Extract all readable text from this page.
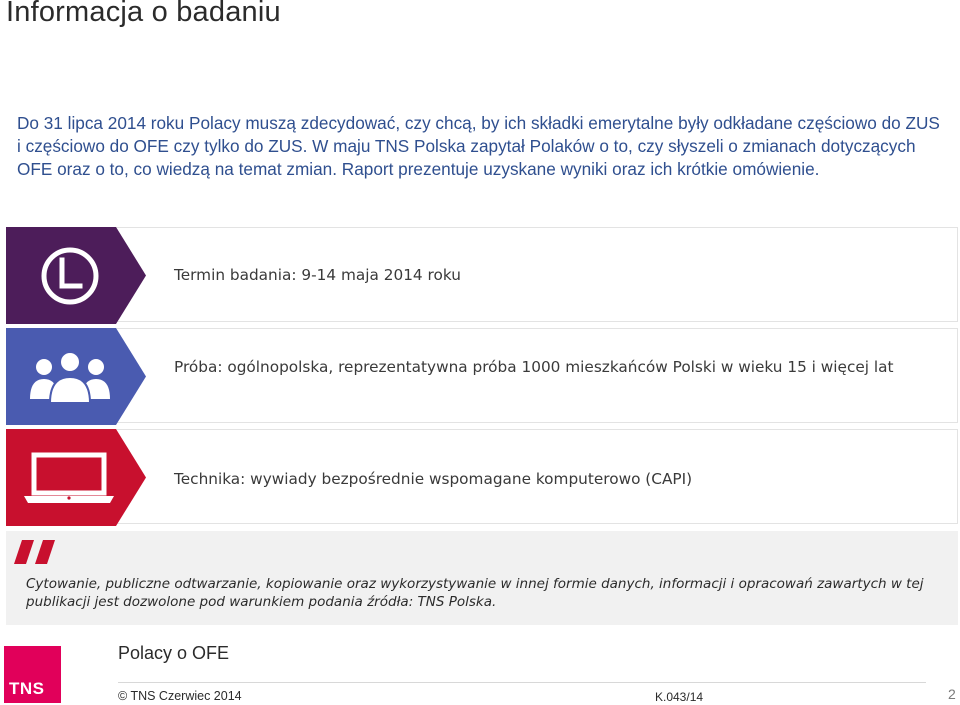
Informacja o badaniu
Do 31 lipca 2014 roku Polacy muszą zdecydować, czy chcą, by ich składki emerytalne były odkładane częściowo do ZUS i częściowo do OFE czy tylko do ZUS. W maju TNS Polska zapytał Polaków o to, czy słyszeli o zmianach dotyczących OFE oraz o to, co wiedzą na temat zmian. Raport prezentuje uzyskane wyniki oraz ich krótkie omówienie.
Termin badania: 9-14 maja 2014 roku
Próba: ogólnopolska, reprezentatywna próba 1000 mieszkańców Polski w wieku 15 i więcej lat
Technika: wywiady bezpośrednie wspomagane komputerowo (CAPI)
Cytowanie, publiczne odtwarzanie, kopiowanie oraz wykorzystywanie w innej formie danych, informacji i opracowań zawartych w tej publikacji jest dozwolone pod warunkiem podania źródła: TNS Polska.
TNS
Polacy o OFE
© TNS Czerwiec 2014	K.043/14	2
